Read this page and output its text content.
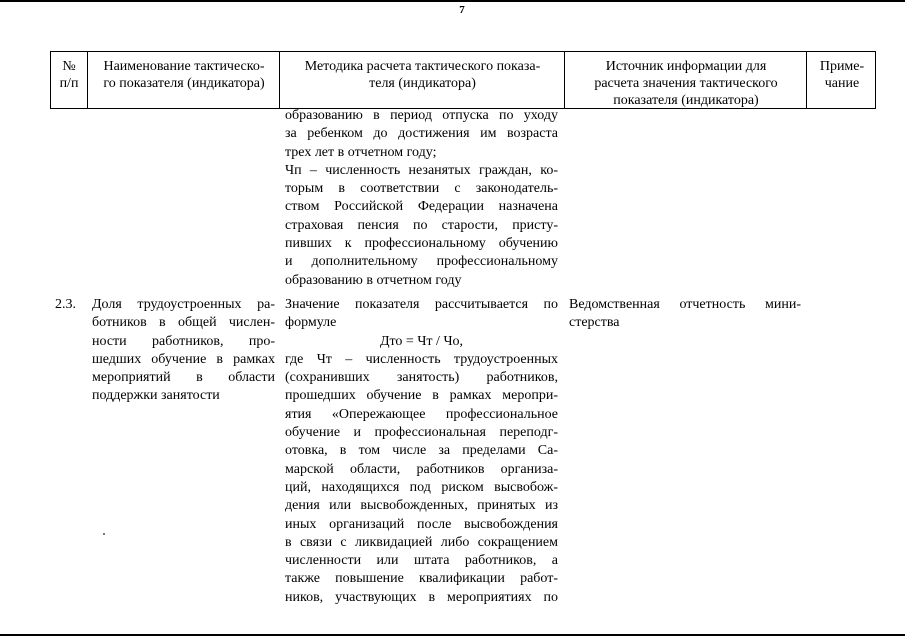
7
№
п/п
Наименование тактическо-
го показателя (индикатора)
Методика расчета тактического показа-
теля (индикатора)
Источник информации для
расчета значения тактического
показателя (индикатора)
Приме-
чание
образованию в период отпуска по уходу
за ребенком до достижения им возраста
трех лет в отчетном году;
Чп – численность незанятых граждан, ко-
торым в соответствии с законодатель-
ством Российской Федерации назначена
страховая пенсия по старости, присту-
пивших к профессиональному обучению
и дополнительному профессиональному
образованию в отчетном году
2.3.	Доля трудоустроенных ра-
ботников в общей числен-
ности работников, про-
шедших обучение в рамках
мероприятий в области
поддержки занятости
Значение показателя рассчитывается по
формуле
Дто = Чт / Чо,
где Чт – численность трудоустроенных
(сохранивших занятость) работников,
прошедших обучение в рамках меропри-
ятия «Опережающее профессиональное
обучение и профессиональная переподг-
отовка, в том числе за пределами Са-
марской области, работников организа-
ций, находящихся под риском высвобож-
дения или высвобожденных, принятых из
иных организаций после высвобождения
в связи с ликвидацией либо сокращением
численности или штата работников, а
также повышение квалификации работ-
ников, участвующих в мероприятиях по
Ведомственная отчетность мини-
стерства
